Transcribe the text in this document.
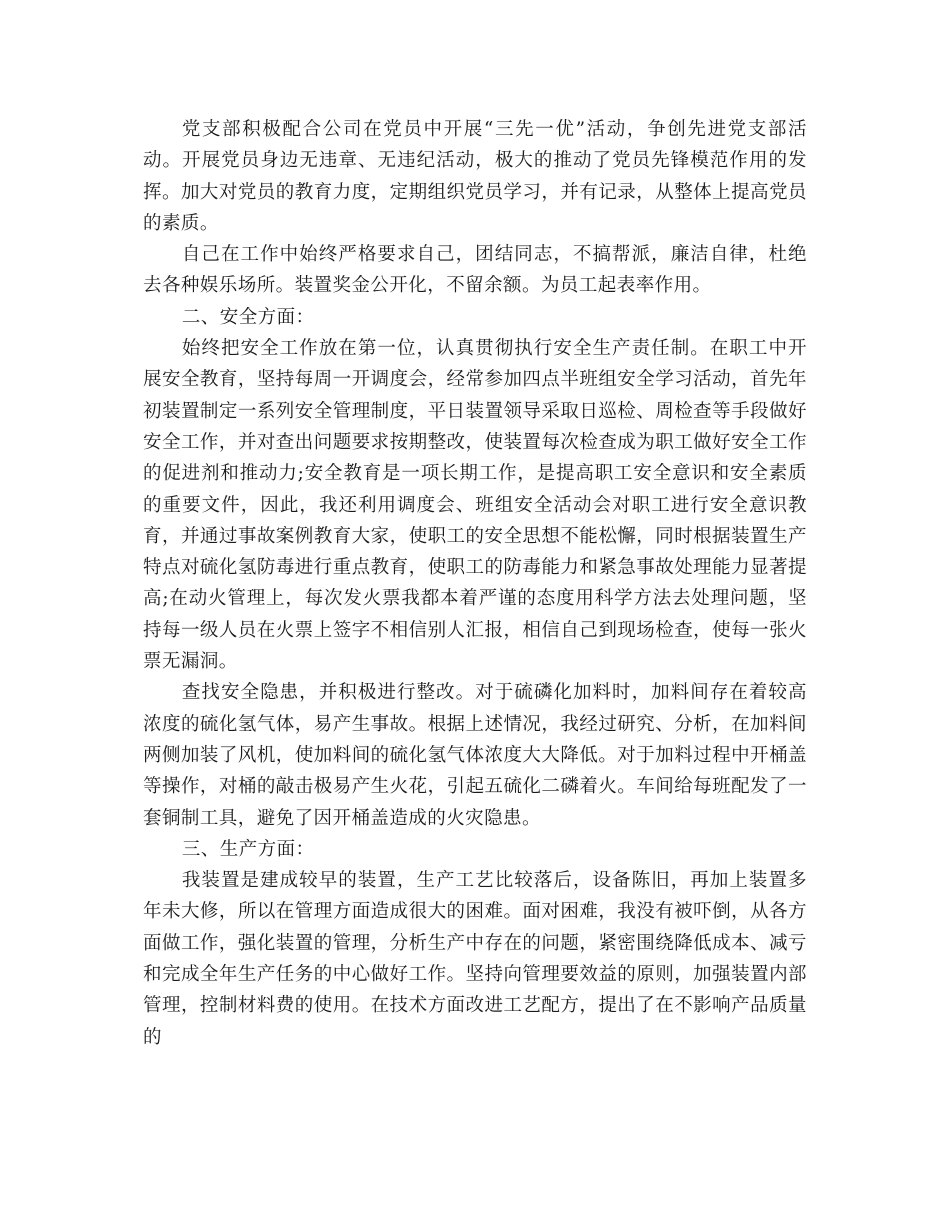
党支部积极配合公司在党员中开展“三先一优”活动，争创先进党支部活动。开展党员身边无违章、无违纪活动，极大的推动了党员先锋模范作用的发挥。加大对党员的教育力度，定期组织党员学习，并有记录，从整体上提高党员的素质。

自己在工作中始终严格要求自己，团结同志，不搞帮派，廉洁自律，杜绝去各种娱乐场所。装置奖金公开化，不留余额。为员工起表率作用。

二、安全方面：

始终把安全工作放在第一位，认真贯彻执行安全生产责任制。在职工中开展安全教育，坚持每周一开调度会，经常参加四点半班组安全学习活动，首先年初装置制定一系列安全管理制度，平日装置领导采取日巡检、周检查等手段做好安全工作，并对查出问题要求按期整改，使装置每次检查成为职工做好安全工作的促进剂和推动力;安全教育是一项长期工作，是提高职工安全意识和安全素质的重要文件，因此，我还利用调度会、班组安全活动会对职工进行安全意识教育，并通过事故案例教育大家，使职工的安全思想不能松懈，同时根据装置生产特点对硫化氢防毒进行重点教育，使职工的防毒能力和紧急事故处理能力显著提高;在动火管理上，每次发火票我都本着严谨的态度用科学方法去处理问题，坚持每一级人员在火票上签字不相信别人汇报，相信自己到现场检查，使每一张火票无漏洞。

查找安全隐患，并积极进行整改。对于硫磷化加料时，加料间存在着较高浓度的硫化氢气体，易产生事故。根据上述情况，我经过研究、分析，在加料间两侧加装了风机，使加料间的硫化氢气体浓度大大降低。对于加料过程中开桶盖等操作，对桶的敲击极易产生火花，引起五硫化二磷着火。车间给每班配发了一套铜制工具，避免了因开桶盖造成的火灾隐患。

三、生产方面：

我装置是建成较早的装置，生产工艺比较落后，设备陈旧，再加上装置多年未大修，所以在管理方面造成很大的困难。面对困难，我没有被吓倒，从各方面做工作，强化装置的管理，分析生产中存在的问题，紧密围绕降低成本、减亏和完成全年生产任务的中心做好工作。坚持向管理要效益的原则，加强装置内部管理，控制材料费的使用。在技术方面改进工艺配方，提出了在不影响产品质量的
